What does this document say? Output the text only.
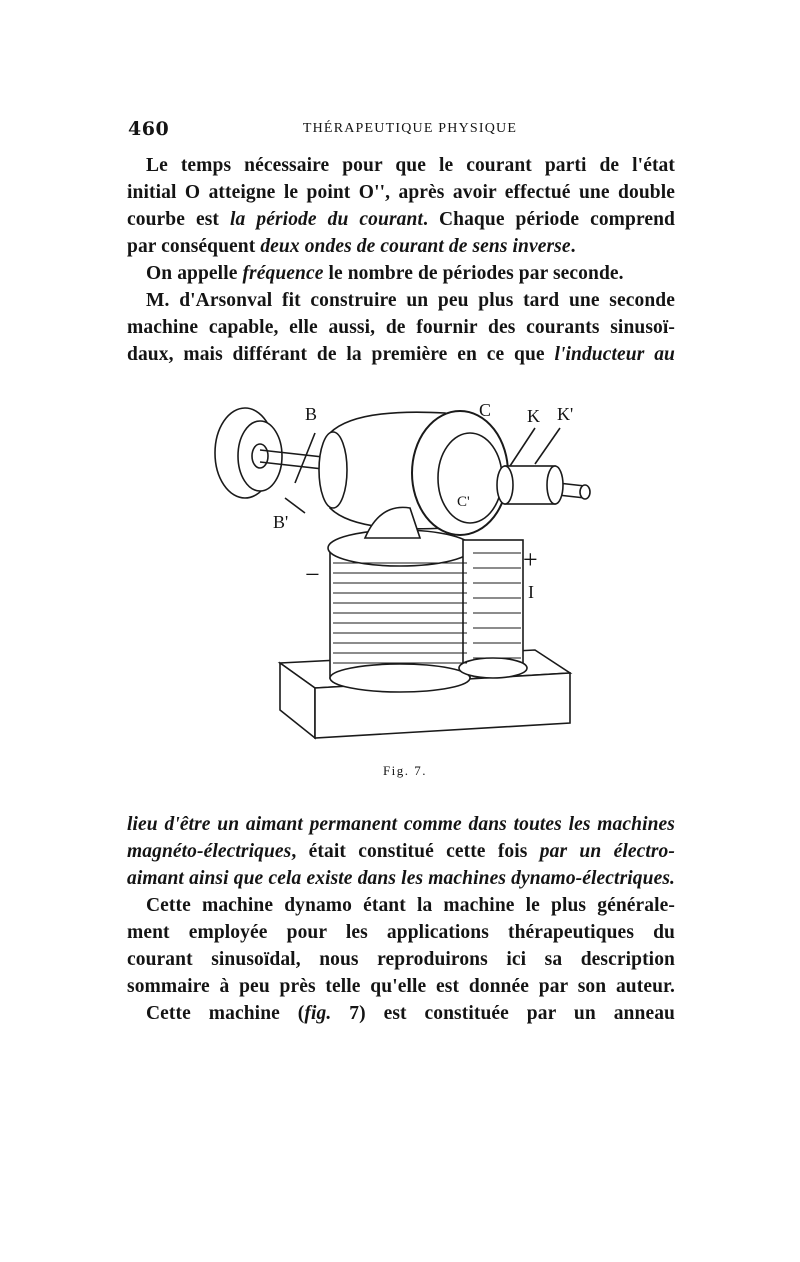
460	THÉRAPEUTIQUE PHYSIQUE
Le temps nécessaire pour que le courant parti de l'état
initial O atteigne le point O'', après avoir effectué une double
courbe est la période du courant. Chaque période comprend
par conséquent deux ondes de courant de sens inverse.
On appelle fréquence le nombre de périodes par seconde.
M. d'Arsonval fit construire un peu plus tard une seconde
machine capable, elle aussi, de fournir des courants sinusoï-
daux, mais différant de la première en ce que l'inducteur au
B
B'
C
C'
K K'
−
+
I
Fig. 7.
lieu d'être un aimant permanent comme dans toutes les machines
magnéto-électriques, était constitué cette fois par un électro-
aimant ainsi que cela existe dans les machines dynamo-électriques.
Cette machine dynamo étant la machine le plus générale-
ment employée pour les applications thérapeutiques du
courant sinusoïdal, nous reproduirons ici sa description
sommaire à peu près telle qu'elle est donnée par son auteur.
Cette machine (fig. 7) est constituée par un anneau
